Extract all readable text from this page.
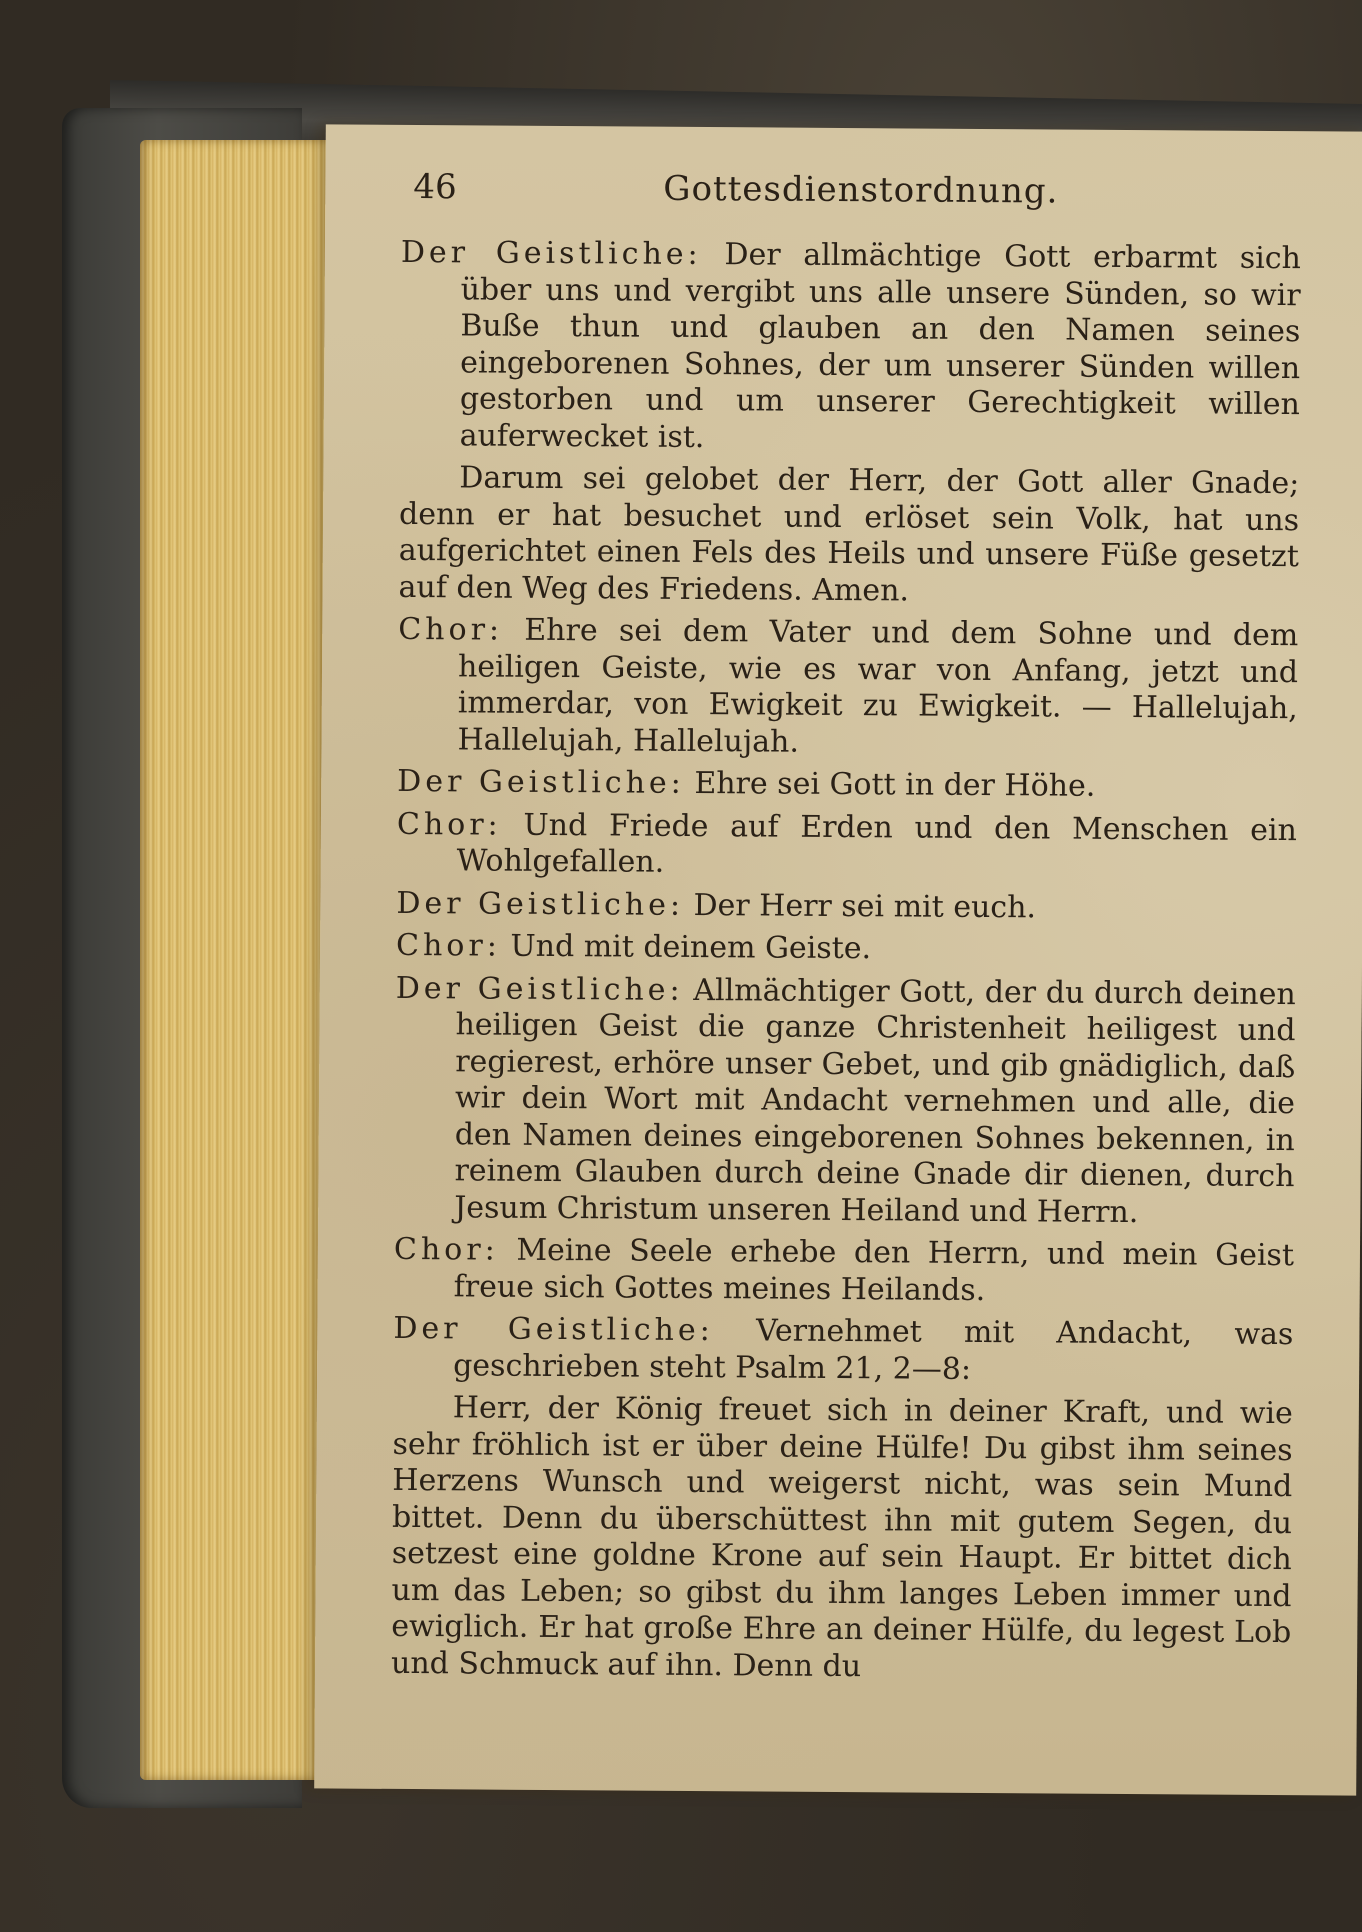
46	Gottesdienstordnung.

Der Geistliche: Der allmächtige Gott erbarmt sich über uns und vergibt uns alle unsere Sünden, so wir Buße thun und glauben an den Namen seines eingeborenen Sohnes, der um unserer Sünden willen gestorben und um unserer Gerechtigkeit willen auferwecket ist.

Darum sei gelobet der Herr, der Gott aller Gnade; denn er hat besuchet und erlöset sein Volk, hat uns aufgerichtet einen Fels des Heils und unsere Füße gesetzt auf den Weg des Friedens. Amen.

Chor: Ehre sei dem Vater und dem Sohne und dem heiligen Geiste, wie es war von Anfang, jetzt und immerdar, von Ewigkeit zu Ewigkeit. — Hallelujah, Hallelujah, Hallelujah.

Der Geistliche: Ehre sei Gott in der Höhe.

Chor: Und Friede auf Erden und den Menschen ein Wohlgefallen.

Der Geistliche: Der Herr sei mit euch.

Chor: Und mit deinem Geiste.

Der Geistliche: Allmächtiger Gott, der du durch deinen heiligen Geist die ganze Christenheit heiligest und regierest, erhöre unser Gebet, und gib gnädiglich, daß wir dein Wort mit Andacht vernehmen und alle, die den Namen deines eingeborenen Sohnes bekennen, in reinem Glauben durch deine Gnade dir dienen, durch Jesum Christum unseren Heiland und Herrn.

Chor: Meine Seele erhebe den Herrn, und mein Geist freue sich Gottes meines Heilands.

Der Geistliche: Vernehmet mit Andacht, was geschrieben steht Psalm 21, 2—8:

Herr, der König freuet sich in deiner Kraft, und wie sehr fröhlich ist er über deine Hülfe! Du gibst ihm seines Herzens Wunsch und weigerst nicht, was sein Mund bittet. Denn du überschüttest ihn mit gutem Segen, du setzest eine goldne Krone auf sein Haupt. Er bittet dich um das Leben; so gibst du ihm langes Leben immer und ewiglich. Er hat große Ehre an deiner Hülfe, du legest Lob und Schmuck auf ihn. Denn du
